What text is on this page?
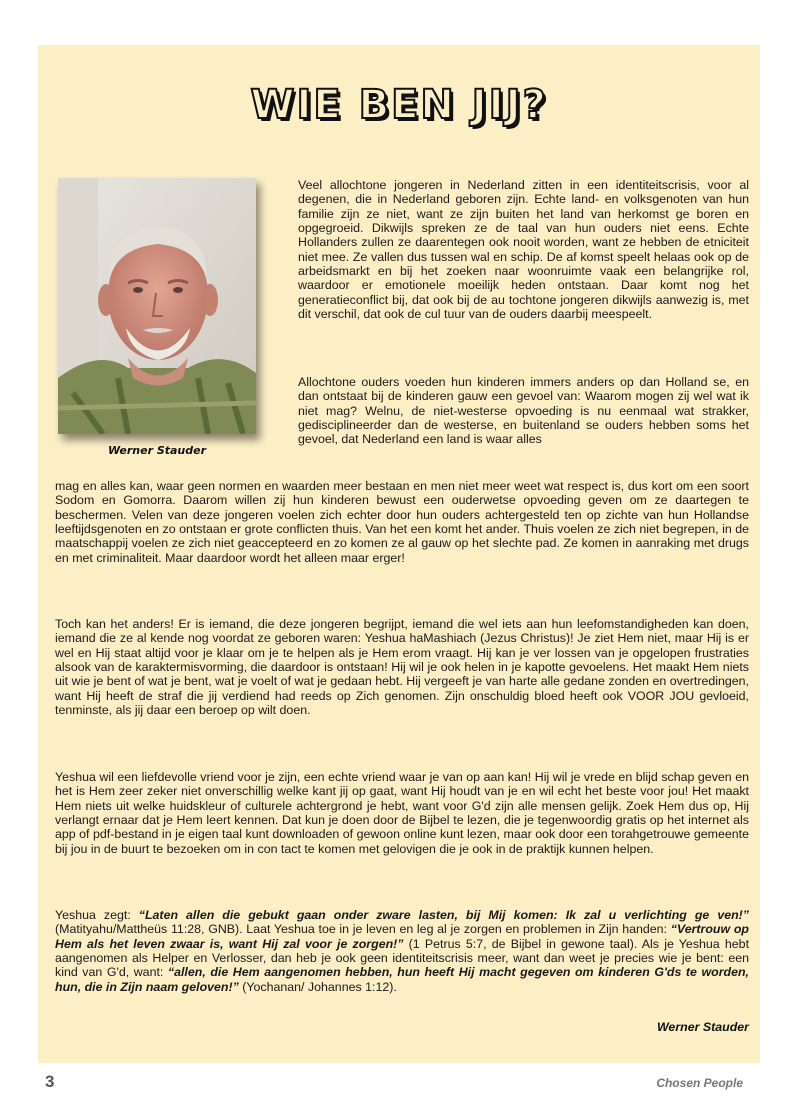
WIE BEN JIJ?
Werner Stauder

Veel allochtone jongeren in Nederland zitten in een identiteitscrisis, voor al degenen, die in Nederland geboren zijn. Echte land- en volksgenoten van hun familie zijn ze niet, want ze zijn buiten het land van herkomst ge boren en opgegroeid. Dikwijls spreken ze de taal van hun ouders niet eens. Echte Hollanders zullen ze daarentegen ook nooit worden, want ze hebben de etniciteit niet mee. Ze vallen dus tussen wal en schip. De af komst speelt helaas ook op de arbeidsmarkt en bij het zoeken naar woonruimte vaak een belangrijke rol, waardoor er emotionele moeilijk heden ontstaan. Daar komt nog het generatieconflict bij, dat ook bij de au tochtone jongeren dikwijls aanwezig is, met dit verschil, dat ook de cul tuur van de ouders daarbij meespeelt.

Allochtone ouders voeden hun kinderen immers anders op dan Holland se, en dan ontstaat bij de kinderen gauw een gevoel van: Waarom mogen zij wel wat ik niet mag? Welnu, de niet-westerse opvoeding is nu eenmaal wat strakker, gedisciplineerder dan de westerse, en buitenland se ouders hebben soms het gevoel, dat Nederland een land is waar alles

mag en alles kan, waar geen normen en waarden meer bestaan en men niet meer weet wat respect is, dus kort om een soort Sodom en Gomorra. Daarom willen zij hun kinderen bewust een ouderwetse opvoeding geven om ze daartegen te beschermen. Velen van deze jongeren voelen zich echter door hun ouders achtergesteld ten op zichte van hun Hollandse leeftijdsgenoten en zo ontstaan er grote conflicten thuis. Van het een komt het ander. Thuis voelen ze zich niet begrepen, in de maatschappij voelen ze zich niet geaccepteerd en zo komen ze al gauw op het slechte pad. Ze komen in aanraking met drugs en met criminaliteit. Maar daardoor wordt het alleen maar erger!

Toch kan het anders! Er is iemand, die deze jongeren begrijpt, iemand die wel iets aan hun leefomstandigheden kan doen, iemand die ze al kende nog voordat ze geboren waren: Yeshua haMashiach (Jezus Christus)! Je ziet Hem niet, maar Hij is er wel en Hij staat altijd voor je klaar om je te helpen als je Hem erom vraagt. Hij kan je ver lossen van je opgelopen frustraties alsook van de karaktermisvorming, die daardoor is ontstaan! Hij wil je ook helen in je kapotte gevoelens. Het maakt Hem niets uit wie je bent of wat je bent, wat je voelt of wat je gedaan hebt. Hij vergeeft je van harte alle gedane zonden en overtredingen, want Hij heeft de straf die jij verdiend had reeds op Zich genomen. Zijn onschuldig bloed heeft ook VOOR JOU gevloeid, tenminste, als jij daar een beroep op wilt doen.

Yeshua wil een liefdevolle vriend voor je zijn, een echte vriend waar je van op aan kan! Hij wil je vrede en blijd schap geven en het is Hem zeer zeker niet onverschillig welke kant jij op gaat, want Hij houdt van je en wil echt het beste voor jou! Het maakt Hem niets uit welke huidskleur of culturele achtergrond je hebt, want voor G'd zijn alle mensen gelijk. Zoek Hem dus op, Hij verlangt ernaar dat je Hem leert kennen. Dat kun je doen door de Bijbel te lezen, die je tegenwoordig gratis op het internet als app of pdf-bestand in je eigen taal kunt downloaden of gewoon online kunt lezen, maar ook door een torahgetrouwe gemeente bij jou in de buurt te bezoeken om in con tact te komen met gelovigen die je ook in de praktijk kunnen helpen.

Yeshua zegt: “Laten allen die gebukt gaan onder zware lasten, bij Mij komen: Ik zal u verlichting ge ven!” (Matityahu/Mattheüs 11:28, GNB). Laat Yeshua toe in je leven en leg al je zorgen en problemen in Zijn handen: “Vertrouw op Hem als het leven zwaar is, want Hij zal voor je zorgen!” (1 Petrus 5:7, de Bijbel in gewone taal). Als je Yeshua hebt aangenomen als Helper en Verlosser, dan heb je ook geen identiteitscrisis meer, want dan weet je precies wie je bent: een kind van G'd, want: “allen, die Hem aangenomen hebben, hun heeft Hij macht gegeven om kinderen G'ds te worden, hun, die in Zijn naam geloven!” (Yochanan/ Johannes 1:12).

Werner Stauder
3	Chosen People
